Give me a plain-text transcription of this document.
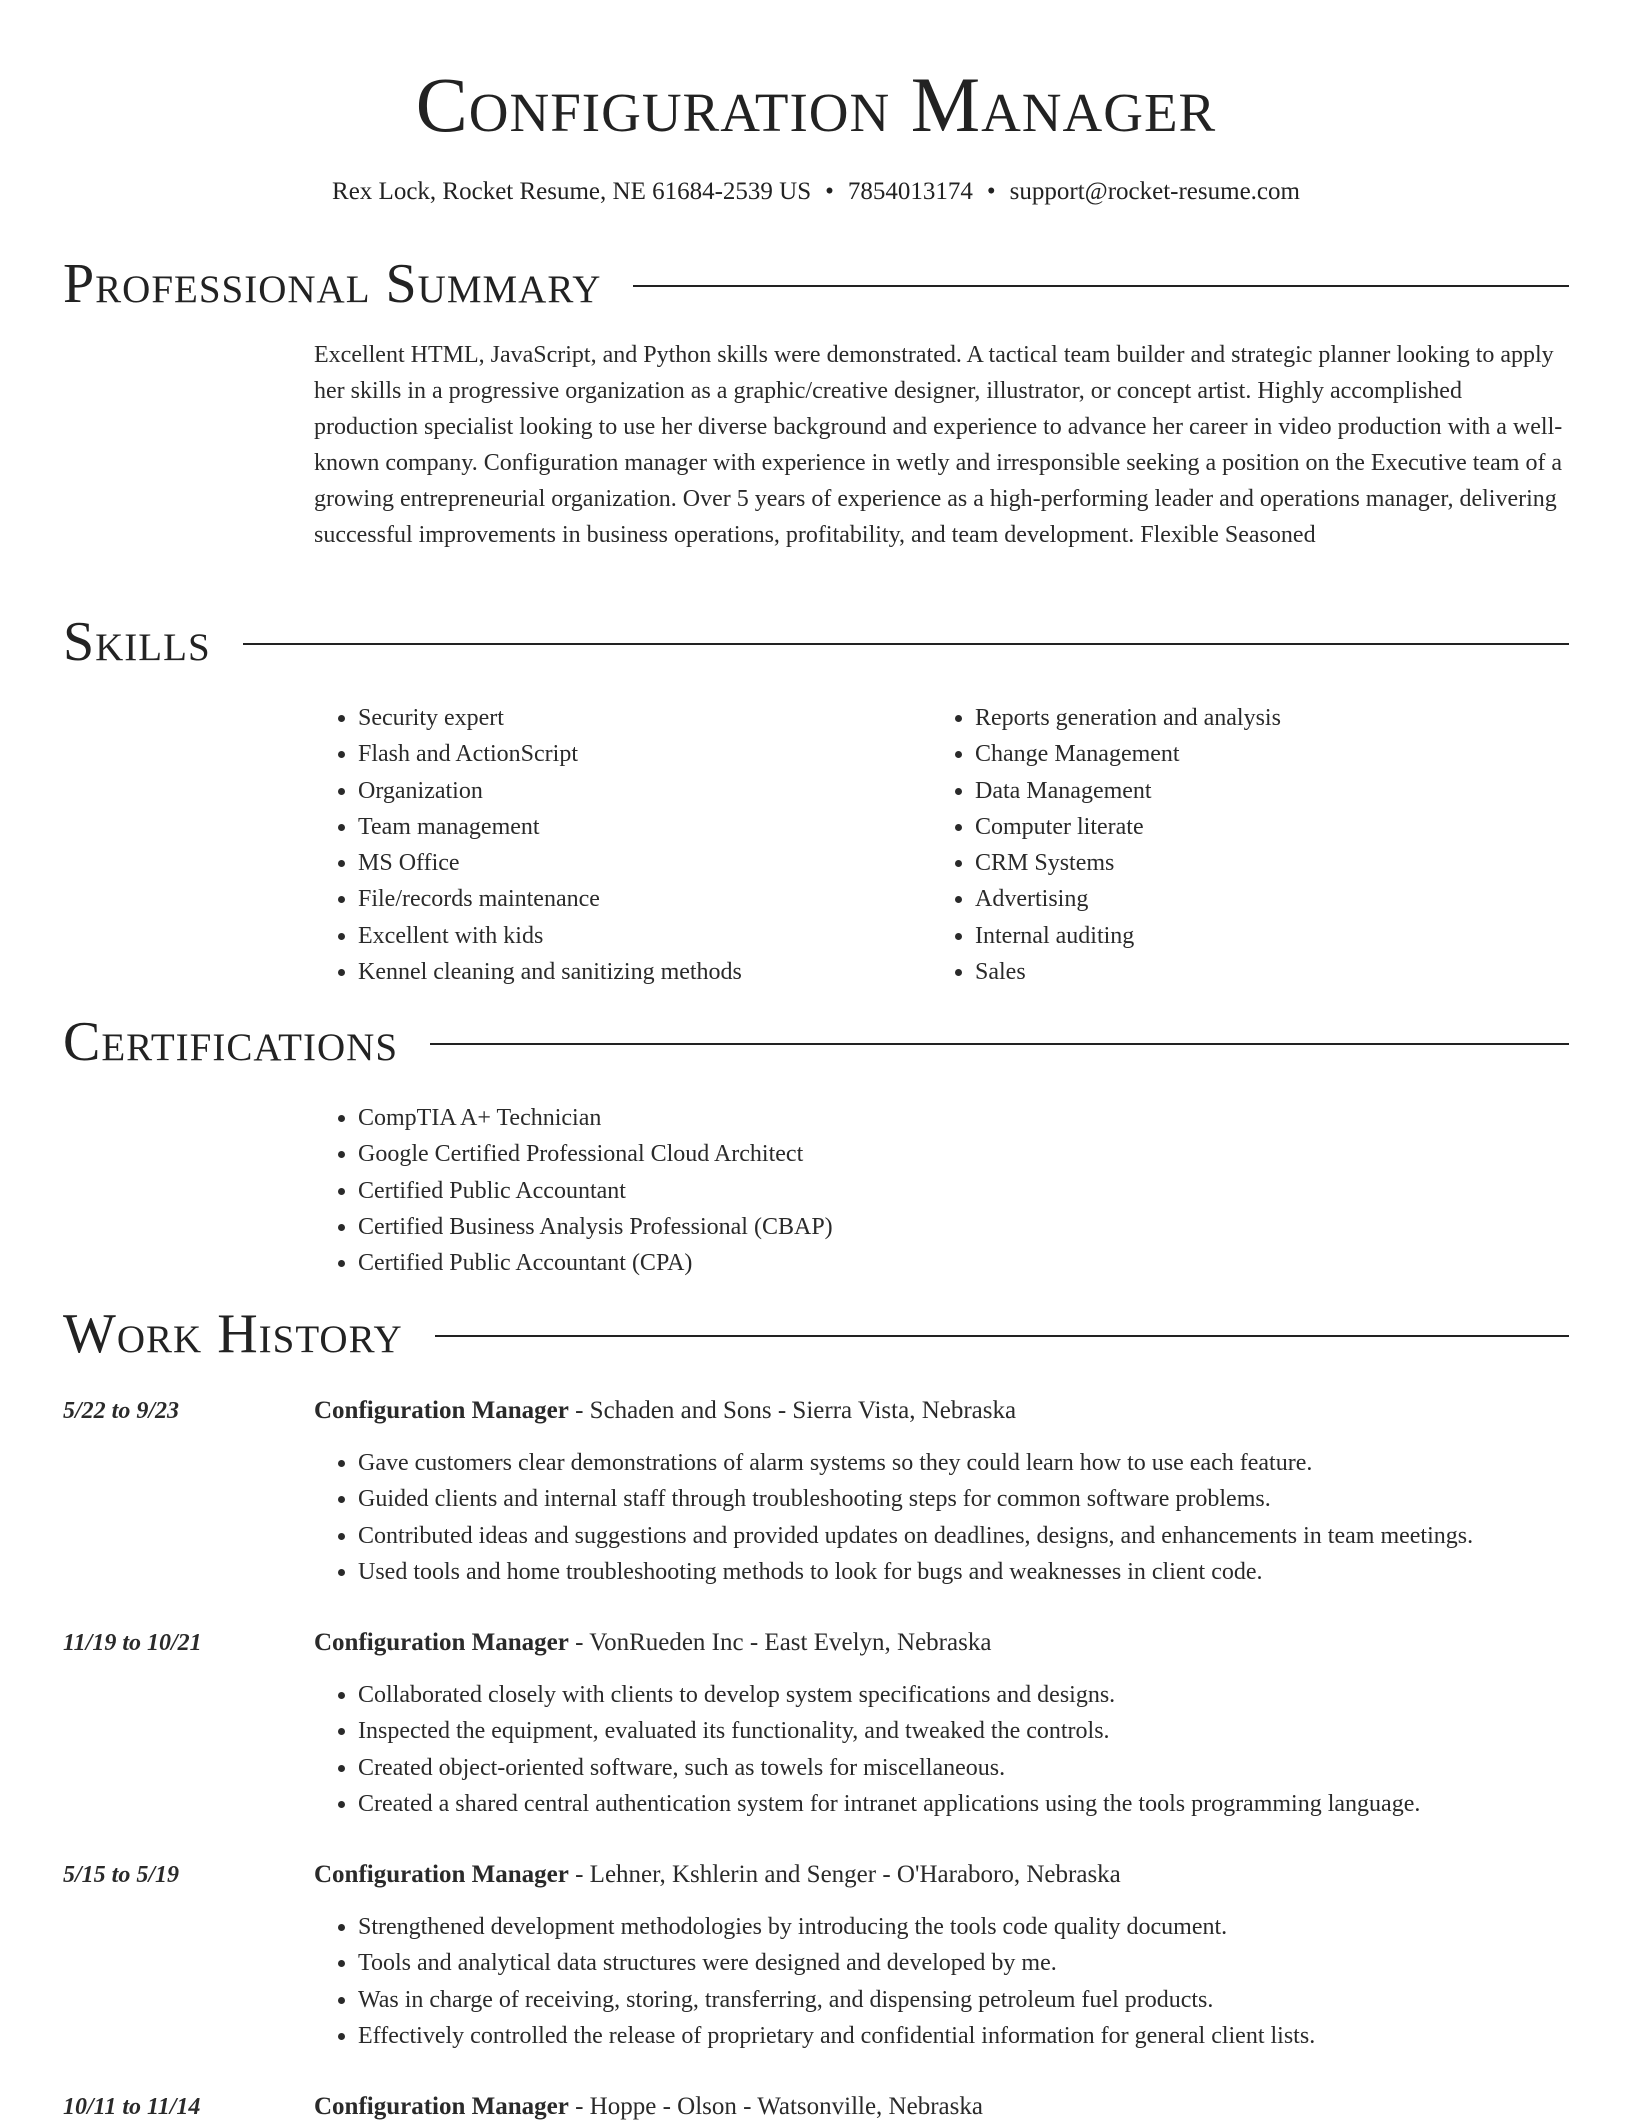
Configuration Manager
Rex Lock, Rocket Resume, NE 61684-2539 US • 7854013174 • support@rocket-resume.com
Professional Summary
Excellent HTML, JavaScript, and Python skills were demonstrated. A tactical team builder and strategic planner looking to apply her skills in a progressive organization as a graphic/creative designer, illustrator, or concept artist. Highly accomplished production specialist looking to use her diverse background and experience to advance her career in video production with a well-known company. Configuration manager with experience in wetly and irresponsible seeking a position on the Executive team of a growing entrepreneurial organization. Over 5 years of experience as a high-performing leader and operations manager, delivering successful improvements in business operations, profitability, and team development. Flexible Seasoned
Skills
• Security expert
• Flash and ActionScript
• Organization
• Team management
• MS Office
• File/records maintenance
• Excellent with kids
• Kennel cleaning and sanitizing methods
• Reports generation and analysis
• Change Management
• Data Management
• Computer literate
• CRM Systems
• Advertising
• Internal auditing
• Sales
Certifications
• CompTIA A+ Technician
• Google Certified Professional Cloud Architect
• Certified Public Accountant
• Certified Business Analysis Professional (CBAP)
• Certified Public Accountant (CPA)
Work History
5/22 to 9/23	Configuration Manager - Schaden and Sons - Sierra Vista, Nebraska
• Gave customers clear demonstrations of alarm systems so they could learn how to use each feature.
• Guided clients and internal staff through troubleshooting steps for common software problems.
• Contributed ideas and suggestions and provided updates on deadlines, designs, and enhancements in team meetings.
• Used tools and home troubleshooting methods to look for bugs and weaknesses in client code.
11/19 to 10/21	Configuration Manager - VonRueden Inc - East Evelyn, Nebraska
• Collaborated closely with clients to develop system specifications and designs.
• Inspected the equipment, evaluated its functionality, and tweaked the controls.
• Created object-oriented software, such as towels for miscellaneous.
• Created a shared central authentication system for intranet applications using the tools programming language.
5/15 to 5/19	Configuration Manager - Lehner, Kshlerin and Senger - O'Haraboro, Nebraska
• Strengthened development methodologies by introducing the tools code quality document.
• Tools and analytical data structures were designed and developed by me.
• Was in charge of receiving, storing, transferring, and dispensing petroleum fuel products.
• Effectively controlled the release of proprietary and confidential information for general client lists.
10/11 to 11/14	Configuration Manager - Hoppe - Olson - Watsonville, Nebraska
